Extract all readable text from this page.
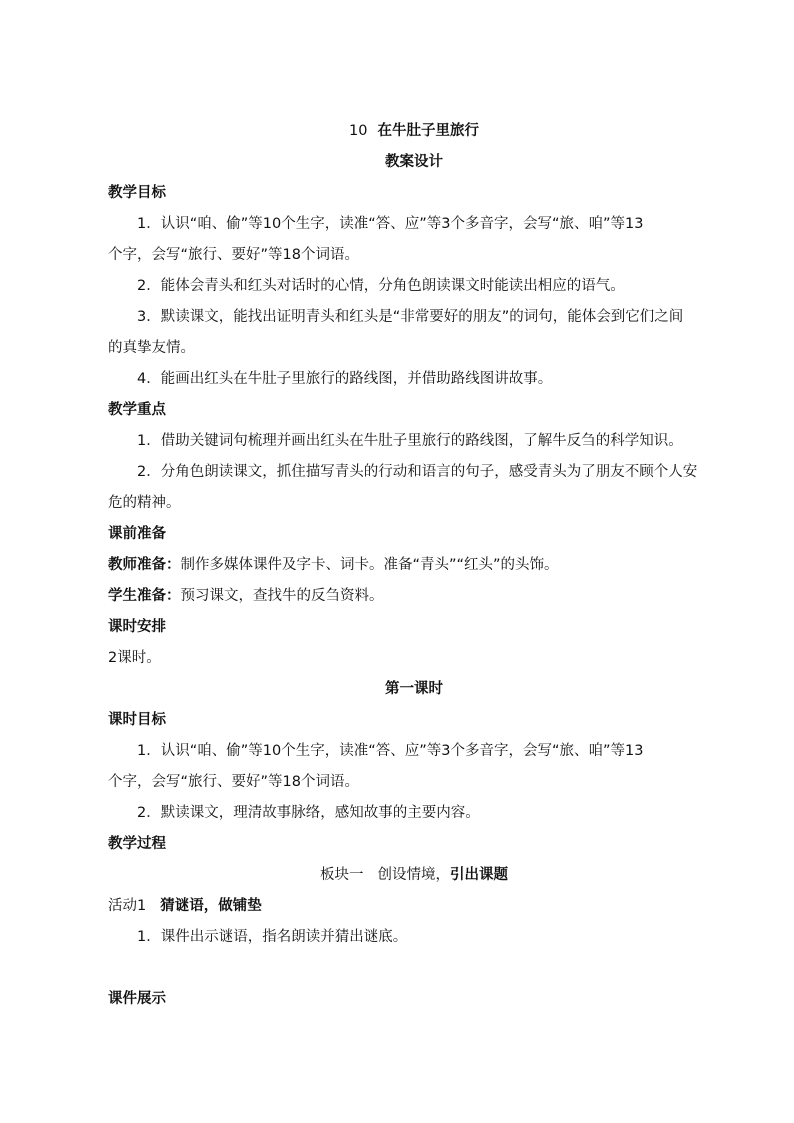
10 在牛肚子里旅行
教案设计
教学目标
1．认识“咱、偷”等10个生字，读准“答、应”等3个多音字，会写“旅、咱”等13
个字，会写“旅行、要好”等18个词语。
2．能体会青头和红头对话时的心情，分角色朗读课文时能读出相应的语气。
3．默读课文，能找出证明青头和红头是“非常要好的朋友”的词句，能体会到它们之间
的真挚友情。
4．能画出红头在牛肚子里旅行的路线图，并借助路线图讲故事。
教学重点
1．借助关键词句梳理并画出红头在牛肚子里旅行的路线图，了解牛反刍的科学知识。
2．分角色朗读课文，抓住描写青头的行动和语言的句子，感受青头为了朋友不顾个人安
危的精神。
课前准备
教师准备：制作多媒体课件及字卡、词卡。准备“青头”“红头”的头饰。
学生准备：预习课文，查找牛的反刍资料。
课时安排
2课时。
第一课时
课时目标
1．认识“咱、偷”等10个生字，读准“答、应”等3个多音字，会写“旅、咱”等13
个字，会写“旅行、要好”等18个词语。
2．默读课文，理清故事脉络，感知故事的主要内容。
教学过程
板块一 创设情境，引出课题
活动1 猜谜语，做铺垫
1．课件出示谜语，指名朗读并猜出谜底。
课件展示
